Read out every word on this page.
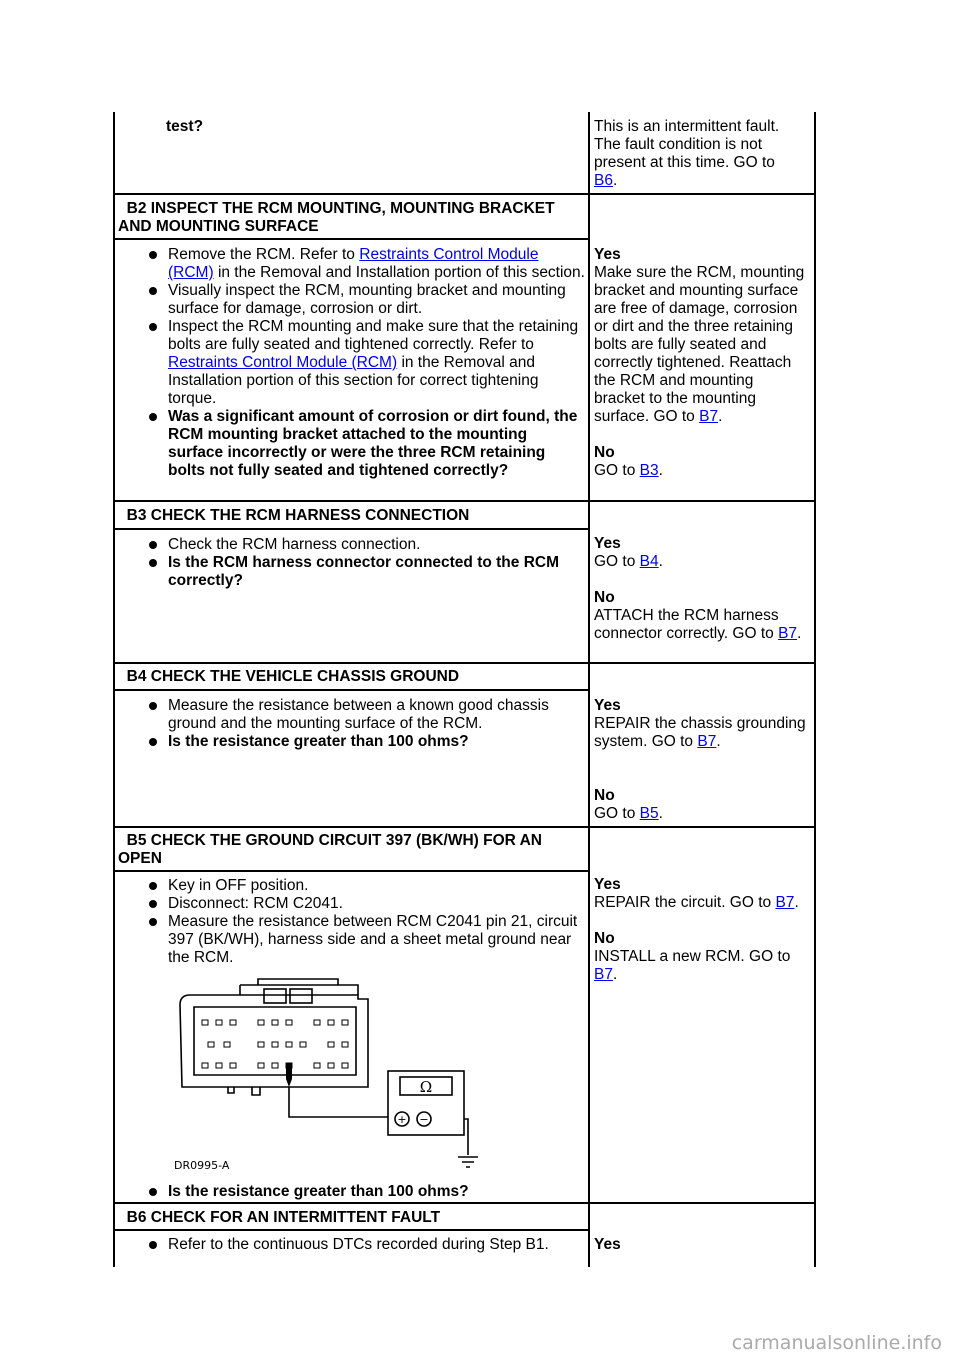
test?	This is an intermittent fault. The fault condition is not present at this time. GO to B6.
B2 INSPECT THE RCM MOUNTING, MOUNTING BRACKET
AND MOUNTING SURFACE
Remove the RCM. Refer to Restraints Control Module (RCM) in the Removal and Installation portion of this section.
Visually inspect the RCM, mounting bracket and mounting surface for damage, corrosion or dirt.
Inspect the RCM mounting and make sure that the retaining bolts are fully seated and tightened correctly. Refer to Restraints Control Module (RCM) in the Removal and Installation portion of this section for correct tightening torque.
Was a significant amount of corrosion or dirt found, the RCM mounting bracket attached to the mounting surface incorrectly or were the three RCM retaining bolts not fully seated and tightened correctly?
Yes
Make sure the RCM, mounting bracket and mounting surface are free of damage, corrosion or dirt and the three retaining bolts are fully seated and correctly tightened. Reattach the RCM and mounting bracket to the mounting surface. GO to B7.
No
GO to B3.
B3 CHECK THE RCM HARNESS CONNECTION
Check the RCM harness connection.
Is the RCM harness connector connected to the RCM correctly?
Yes
GO to B4.
No
ATTACH the RCM harness connector correctly. GO to B7.
B4 CHECK THE VEHICLE CHASSIS GROUND
Measure the resistance between a known good chassis ground and the mounting surface of the RCM.
Is the resistance greater than 100 ohms?
Yes
REPAIR the chassis grounding system. GO to B7.
No
GO to B5.
B5 CHECK THE GROUND CIRCUIT 397 (BK/WH) FOR AN
OPEN
Key in OFF position.
Disconnect: RCM C2041.
Measure the resistance between RCM C2041 pin 21, circuit 397 (BK/WH), harness side and a sheet metal ground near the RCM.
Ω
+ −
DR0995-A
Is the resistance greater than 100 ohms?
Yes
REPAIR the circuit. GO to B7.
No
INSTALL a new RCM. GO to B7.
B6 CHECK FOR AN INTERMITTENT FAULT
Refer to the continuous DTCs recorded during Step B1.	Yes
carmanualsonline.info
